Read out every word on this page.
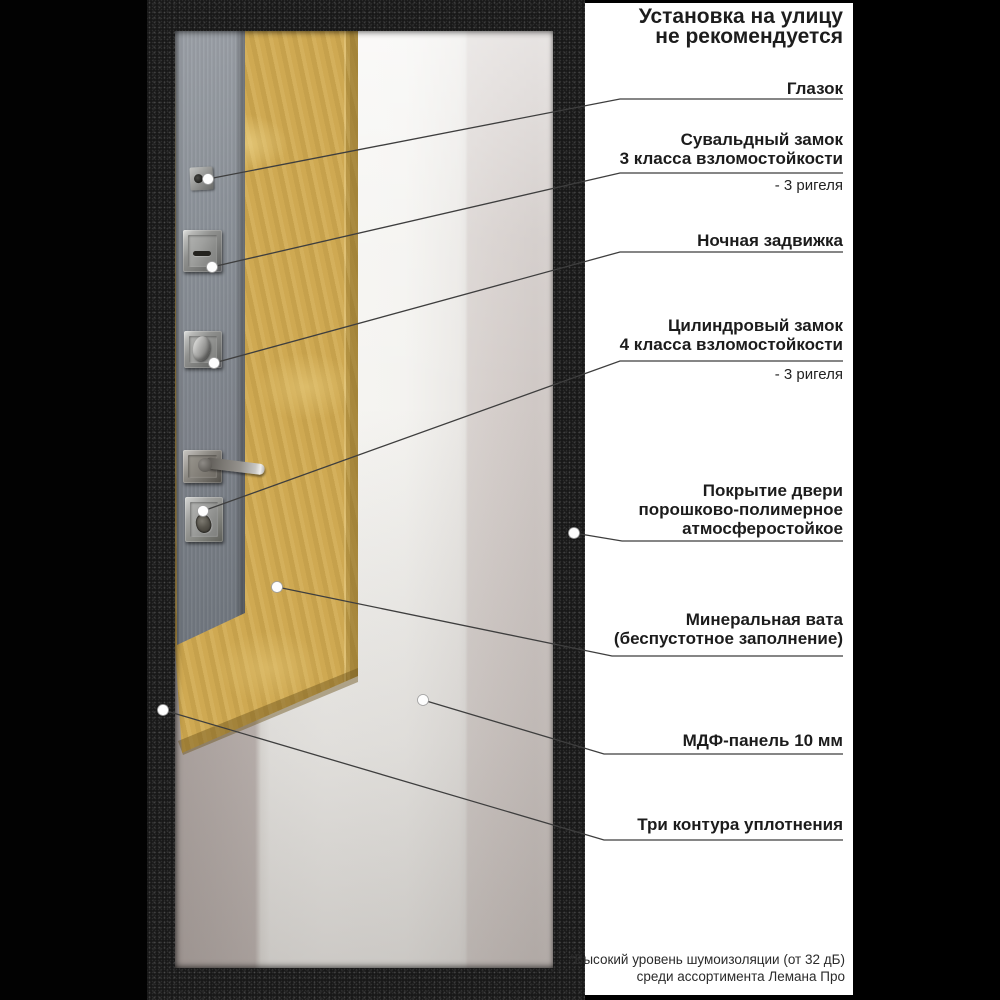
Установка на улицу
не рекомендуется
Глазок
Сувальдный замок
3 класса взломостойкости
- 3 ригеля
Ночная задвижка
Цилиндровый замок
4 класса взломостойкости
- 3 ригеля
Покрытие двери
порошково-полимерное
атмосферостойкое
Минеральная вата
(беспустотное заполнение)
МДФ-панель 10 мм
Три контура уплотнения
*Высокий уровень шумоизоляции (от 32 дБ)
среди ассортимента Лемана Про
